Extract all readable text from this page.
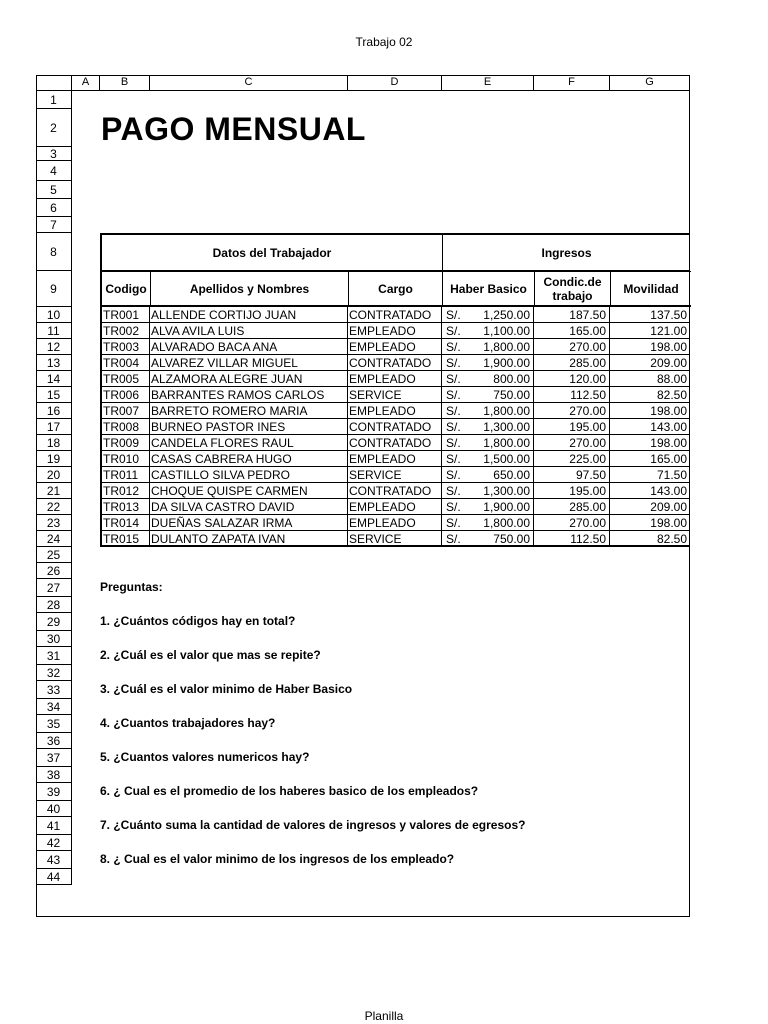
Trabajo 02
A	B	C	D	E	F	G
1
2
3
4
5
6
7
8
9
10
11
12
13
14
15
16
17
18
19
20
21
22
23
24
25
26
27
28
29
30
31
32
33
34
35
36
37
38
39
40
41
42
43
44
PAGO MENSUAL
Datos del Trabajador	Ingresos
Codigo	Apellidos y Nombres	Cargo	Haber Basico	Condic.de trabajo	Movilidad
TR001 ALLENDE CORTIJO JUAN	CONTRATADO	S/. 1,250.00	187.50	137.50
TR002 ALVA AVILA LUIS	EMPLEADO	S/. 1,100.00	165.00	121.00
TR003 ALVARADO BACA ANA	EMPLEADO	S/. 1,800.00	270.00	198.00
TR004 ALVAREZ VILLAR MIGUEL	CONTRATADO	S/. 1,900.00	285.00	209.00
TR005 ALZAMORA ALEGRE JUAN	EMPLEADO	S/.	800.00	120.00	88.00
TR006 BARRANTES RAMOS CARLOS	SERVICE	S/.	750.00	112.50	82.50
TR007 BARRETO ROMERO MARIA	EMPLEADO	S/. 1,800.00	270.00	198.00
TR008 BURNEO PASTOR INES	CONTRATADO	S/. 1,300.00	195.00	143.00
TR009 CANDELA FLORES RAUL	CONTRATADO	S/. 1,800.00	270.00	198.00
TR010 CASAS CABRERA HUGO	EMPLEADO	S/. 1,500.00	225.00	165.00
TR011	CASTILLO SILVA PEDRO	SERVICE	S/.	650.00	97.50	71.50
TR012 CHOQUE QUISPE CARMEN	CONTRATADO	S/. 1,300.00	195.00	143.00
TR013 DA SILVA CASTRO DAVID	EMPLEADO	S/. 1,900.00	285.00	209.00
TR014 DUEÑAS SALAZAR IRMA	EMPLEADO	S/. 1,800.00	270.00	198.00
TR015 DULANTO ZAPATA IVAN	SERVICE	S/.	750.00	112.50	82.50
Preguntas:
1. ¿Cuántos códigos hay en total?
2. ¿Cuál es el valor que mas se repite?
3. ¿Cuál es el valor minimo de Haber Basico
4. ¿Cuantos trabajadores hay?
5. ¿Cuantos valores numericos hay?
6. ¿ Cual es el promedio de los haberes basico de los empleados?
7. ¿Cuánto suma la cantidad de valores de ingresos y valores de egresos?
8. ¿ Cual es el valor minimo de los ingresos de los empleado?
Planilla
